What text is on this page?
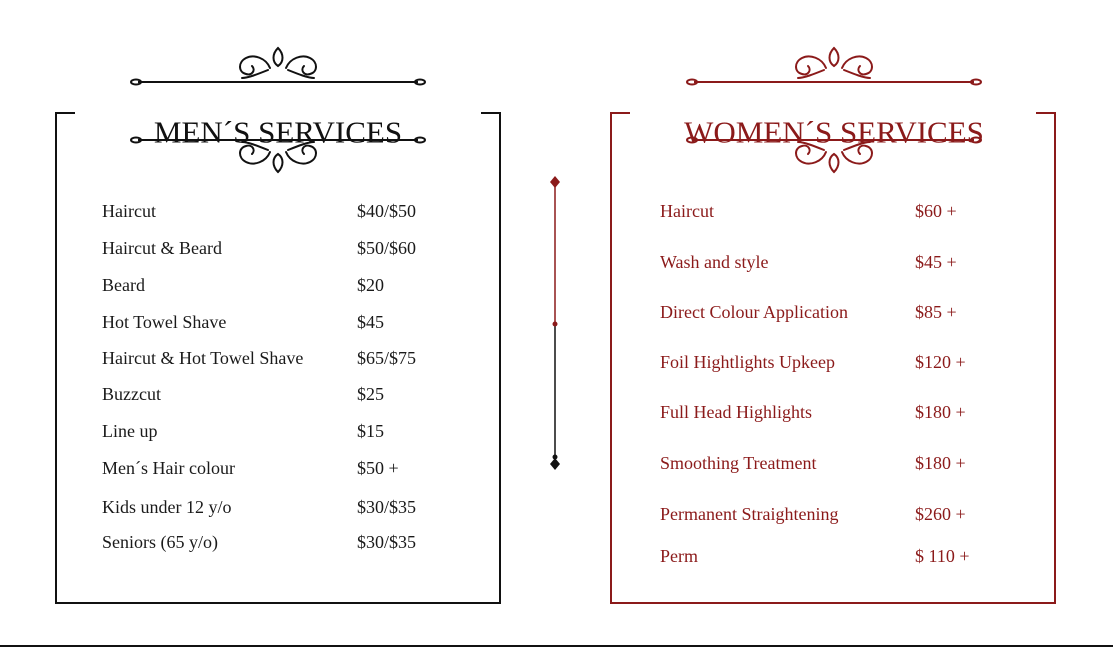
MEN´S SERVICES	WOMEN´S SERVICES
Haircut	$40/$50
Haircut & Beard	$50/$60
Beard	$20
Hot Towel Shave	$45
Haircut & Hot Towel Shave	$65/$75
Buzzcut	$25
Line up	$15
Men´s Hair colour	$50 +
Kids under 12 y/o	$30/$35
Seniors (65 y/o)	$30/$35
Haircut	$60 +
Wash and style	$45 +
Direct Colour Application	$85 +
Foil Hightlights Upkeep	$120 +
Full Head Highlights	$180 +
Smoothing Treatment	$180 +
Permanent Straightening	$260 +
Perm	$ 110 +
